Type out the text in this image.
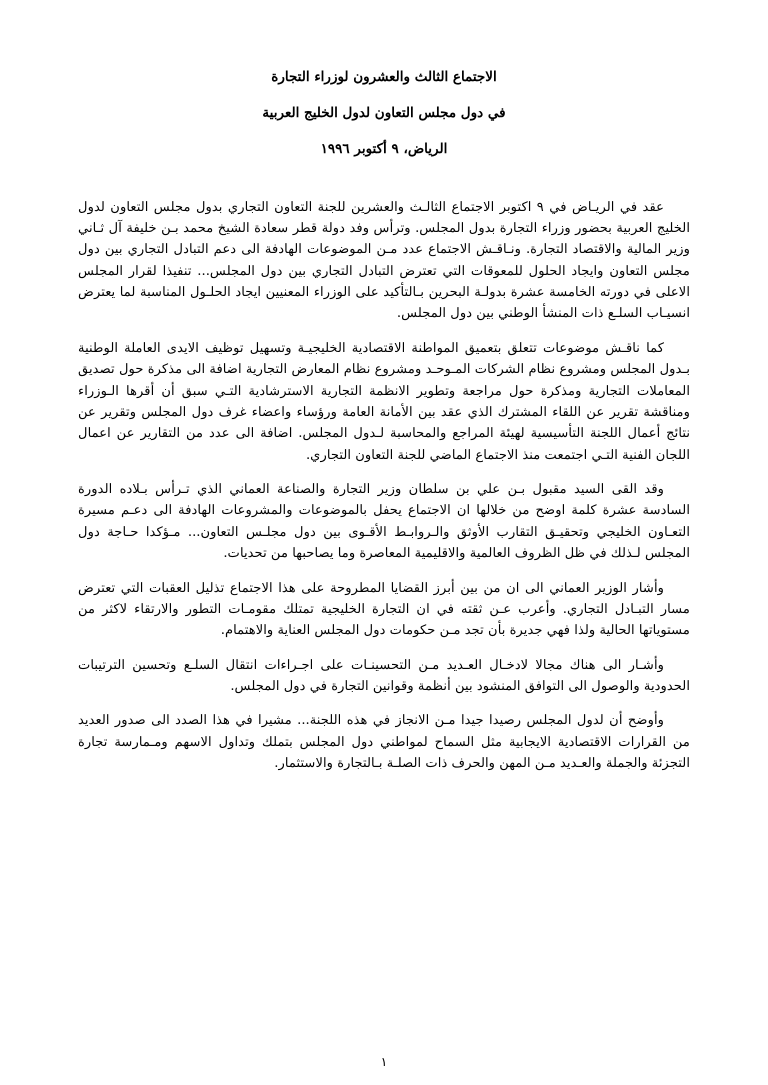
الاجتماع الثالث والعشرون لوزراء التجارة
في دول مجلس التعاون لدول الخليج العربية
الرياض، ٩ أكتوبر ١٩٩٦

عقد في الريـاض في ٩ اكتوبر الاجتماع الثالـث والعشرين للجنة التعاون التجاري بدول مجلس التعاون لدول الخليج العربية بحضور وزراء التجارة بدول المجلس. وترأس وفد دولة قطر سعادة الشيخ محمد بـن خليفة آل ثـاني وزير المالية والاقتصاد التجارة. ونـاقـش الاجتماع عدد مـن الموضوعات الهادفة الى دعم التبادل التجاري بين دول مجلس التعاون وايجاد الحلول للمعوقات التي تعترض التبادل التجاري بين دول المجلس... تنفيذا لقرار المجلس الاعلى في دورته الخامسة عشرة بدولـة البحرين بـالتأكيد على الوزراء المعنيين ايجاد الحلـول المناسبة لما يعترض انسيـاب السلـع ذات المنشأ الوطني بين دول المجلس.

كما ناقـش موضوعات تتعلق بتعميق المواطنة الاقتصادية الخليجيـة وتسهيل توظيف الايدى العاملة الوطنية بـدول المجلس ومشروع نظام الشركات المـوحـد ومشروع نظام المعارض التجارية اضافة الى مذكرة حول تصديق المعاملات التجارية ومذكرة حول مراجعة وتطوير الانظمة التجارية الاسترشادية التـي سبق أن أقرها الـوزراء ومناقشة تقرير عن اللقاء المشترك الذي عقد بين الأمانة العامة ورؤساء واعضاء غرف دول المجلس وتقرير عن نتائج أعمال اللجنة التأسيسية لهيئة المراجع والمحاسبة لـدول المجلس. اضافة الى عدد من التقارير عن اعمال اللجان الفنية التـي اجتمعت منذ الاجتماع الماضي للجنة التعاون التجاري.

وقد القى السيد مقبول بـن علي بن سلطان وزير التجارة والصناعة العماني الذي تـرأس بـلاده الدورة السادسة عشرة كلمة اوضح من خلالها ان الاجتماع يحفل بالموضوعات والمشروعات الهادفة الى دعـم مسيرة التعـاون الخليجي وتحقيـق التقارب الأوثق والـروابـط الأقـوى بين دول مجلـس التعاون... مـؤكدا حـاجة دول المجلس لـذلك في ظل الظروف العالمية والاقليمية المعاصرة وما يصاحبها من تحديات.

وأشار الوزير العماني الى ان من بين أبرز القضايا المطروحة على هذا الاجتماع تذليل العقبات التي تعترض مسار التبـادل التجاري. وأعرب عـن ثقته في ان التجارة الخليجية تمتلك مقومـات التطور والارتقاء لاكثر من مستوياتها الحالية ولذا فهي جديرة بأن تجد مـن حكومات دول المجلس العناية والاهتمام.

وأشـار الى هناك مجالا لادخـال العـديد مـن التحسينـات على اجـراءات انتقال السلـع وتحسين الترتيبات الحدودية والوصول الى التوافق المنشود بين أنظمة وقوانين التجارة في دول المجلس.

وأوضح أن لدول المجلس رصيدا جيدا مـن الانجاز في هذه اللجنة... مشيرا في هذا الصدد الى صدور العديد من القرارات الاقتصادية الايجابية مثل السماح لمواطني دول المجلس بتملك وتداول الاسهم ومـمارسة تجارة التجزئة والجملة والعـديد مـن المهن والحرف ذات الصلـة بـالتجارة والاستثمار.

١
